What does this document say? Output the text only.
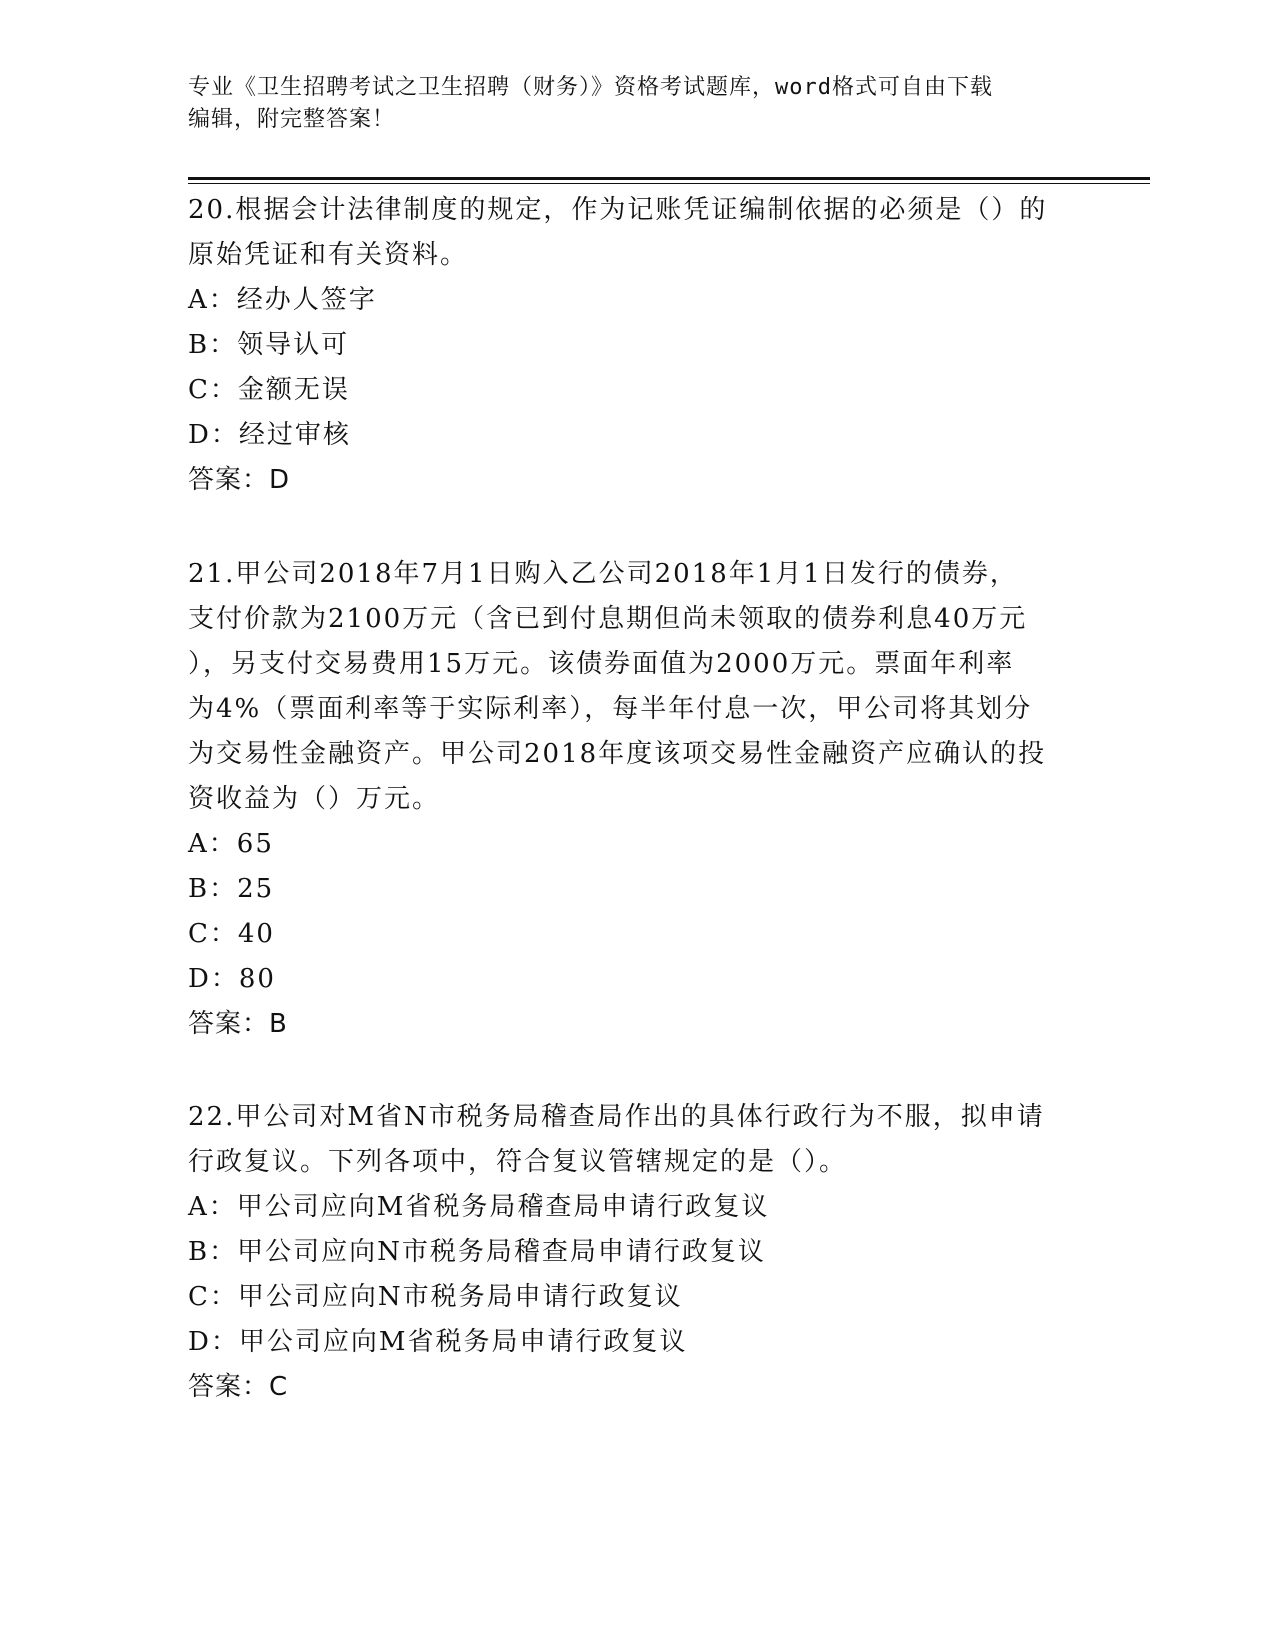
专业《卫生招聘考试之卫生招聘（财务）》资格考试题库，word格式可自由下载
编辑，附完整答案！
20.根据会计法律制度的规定，作为记账凭证编制依据的必须是（）的
原始凭证和有关资料。
A：经办人签字
B：领导认可
C：金额无误
D：经过审核
答案：D
21.甲公司2018年7月1日购入乙公司2018年1月1日发行的债券，
支付价款为2100万元（含已到付息期但尚未领取的债券利息40万元
），另支付交易费用15万元。该债券面值为2000万元。票面年利率
为4%（票面利率等于实际利率），每半年付息一次，甲公司将其划分
为交易性金融资产。甲公司2018年度该项交易性金融资产应确认的投
资收益为（）万元。
A：65
B：25
C：40
D：80
答案：B
22.甲公司对M省N市税务局稽查局作出的具体行政行为不服，拟申请
行政复议。下列各项中，符合复议管辖规定的是（）。
A：甲公司应向M省税务局稽查局申请行政复议
B：甲公司应向N市税务局稽查局申请行政复议
C：甲公司应向N市税务局申请行政复议
D：甲公司应向M省税务局申请行政复议
答案：C
